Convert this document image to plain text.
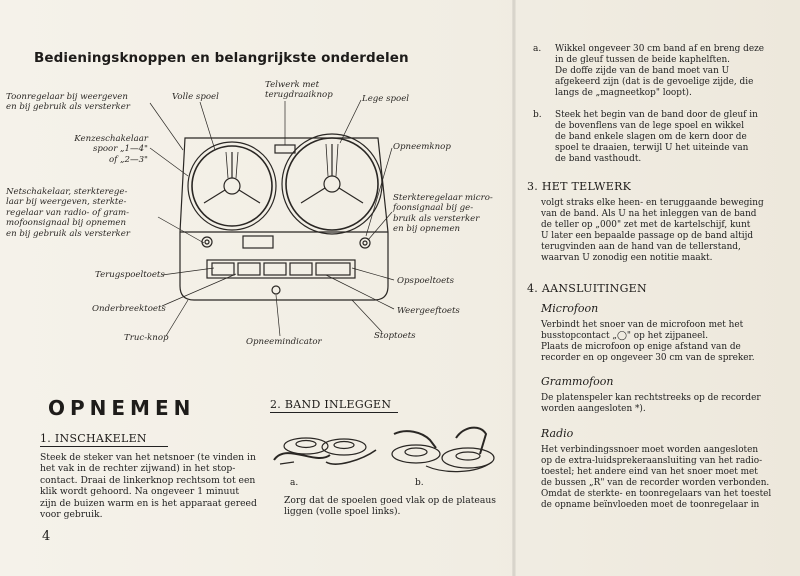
Bedieningsknoppen en belangrijkste onderdelen
Toonregelaar bij weergeven
en bij gebruik als versterker
Volle spoel
Telwerk met
terugdraaiknop	Lege spoel
Kenzeschakelaar
spoor „1—4"
of „2—3"
Opneemknop
Netschakelaar, sterkterege-
laar bij weergeven, sterkte-
regelaar van radio- of gram-
mofoonsignaal bij opnemen
en bij gebruik als versterker
Sterkteregelaar micro-
foonsignaal bij ge-
bruik als versterker
en bij opnemen
Terugspoeltoets
Opspoeltoets
Onderbreektoets	Weergeeftoets
Truc-knop	Opneemindicator
Stoptoets
OPNEMEN
1. INSCHAKELEN
Steek de steker van het netsnoer (te vinden in
het vak in de rechter zijwand) in het stop-
contact. Draai de linkerknop rechtsom tot een
klik wordt gehoord. Na ongeveer 1 minuut
zijn de buizen warm en is het apparaat gereed
voor gebruik.
4
2. BAND INLEGGEN
a.	b.
Zorg dat de spoelen goed vlak op de plateaus
liggen (volle spoel links).
a. Wikkel ongeveer 30 cm band af en breng deze
in de gleuf tussen de beide kaphelften.
De doffe zijde van de band moet van U
afgekeerd zijn (dat is de gevoelige zijde, die
langs de „magneetkop" loopt).
b. Steek het begin van de band door de gleuf in
de bovenflens van de lege spoel en wikkel
de band enkele slagen om de kern door de
spoel te draaien, terwijl U het uiteinde van
de band vasthoudt.
3. HET TELWERK
volgt straks elke heen- en teruggaande beweging
van de band. Als U na het inleggen van de band
de teller op „000" zet met de kartelschijf, kunt
U later een bepaalde passage op de band altijd
terugvinden aan de hand van de tellerstand,
waarvan U zonodig een notitie maakt.
4. AANSLUITINGEN
Microfoon
Verbindt het snoer van de microfoon met het
busstopcontact „◯" op het zijpaneel.
Plaats de microfoon op enige afstand van de
recorder en op ongeveer 30 cm van de spreker.
Grammofoon
De platenspeler kan rechtstreeks op de recorder
worden aangesloten *).
Radio
Het verbindingssnoer moet worden aangesloten
op de extra-luidsprekeraansluiting van het radio-
toestel; het andere eind van het snoer moet met
de bussen „R" van de recorder worden verbonden.
Omdat de sterkte- en toonregelaars van het toestel
de opname beïnvloeden moet de toonregelaar in
